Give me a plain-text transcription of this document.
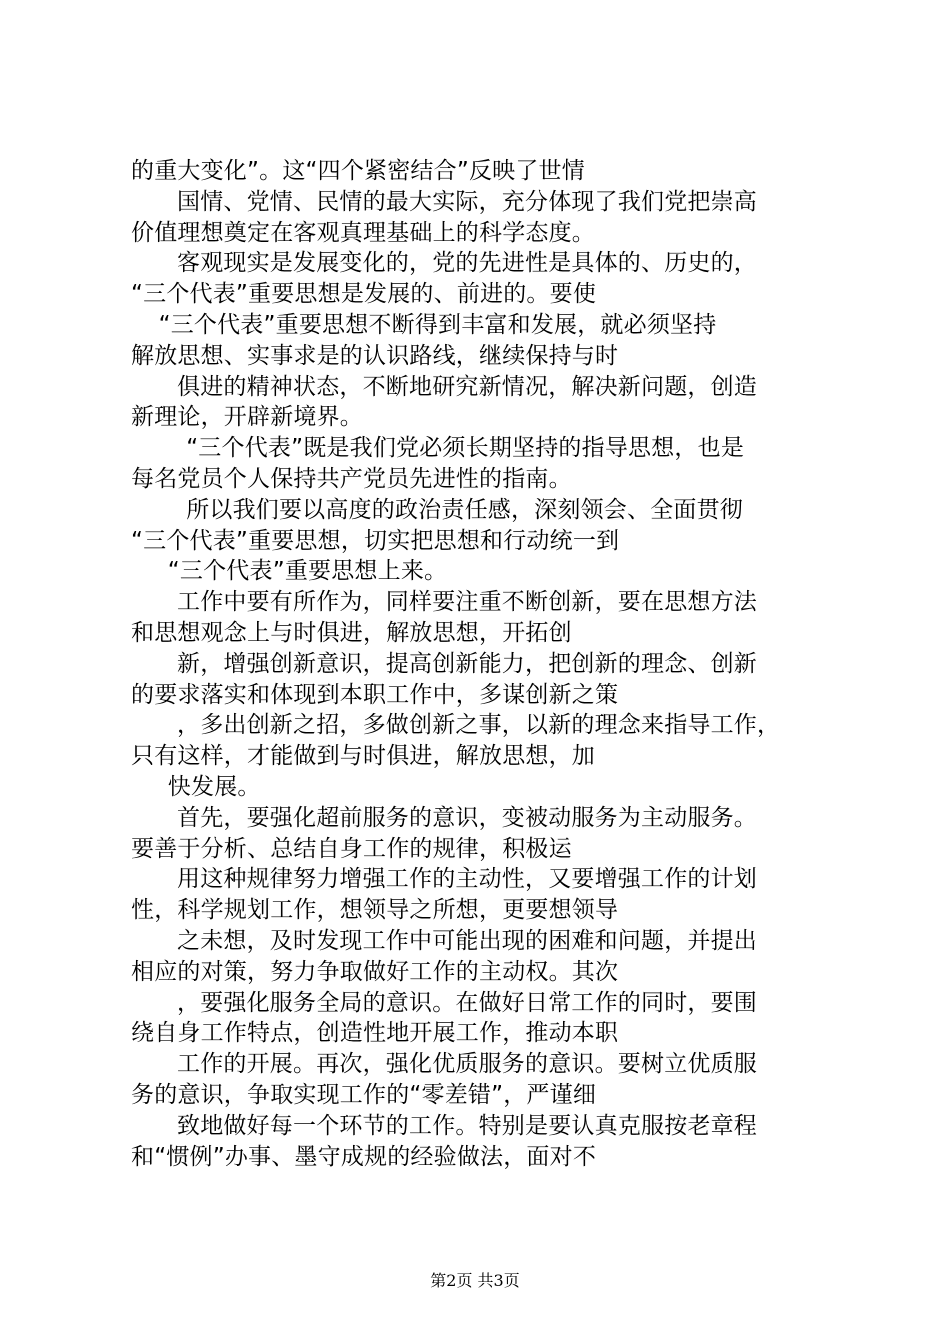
的重大变化”。这“四个紧密结合”反映了世情
国情、党情、民情的最大实际，充分体现了我们党把崇高
价值理想奠定在客观真理基础上的科学态度。
客观现实是发展变化的，党的先进性是具体的、历史的，
“三个代表”重要思想是发展的、前进的。要使
“三个代表”重要思想不断得到丰富和发展，就必须坚持
解放思想、实事求是的认识路线，继续保持与时
俱进的精神状态，不断地研究新情况，解决新问题，创造
新理论，开辟新境界。
“三个代表”既是我们党必须长期坚持的指导思想，也是
每名党员个人保持共产党员先进性的指南。
所以我们要以高度的政治责任感，深刻领会、全面贯彻
“三个代表”重要思想，切实把思想和行动统一到
“三个代表”重要思想上来。
工作中要有所作为，同样要注重不断创新，要在思想方法
和思想观念上与时俱进，解放思想，开拓创
新，增强创新意识，提高创新能力，把创新的理念、创新
的要求落实和体现到本职工作中，多谋创新之策
，多出创新之招，多做创新之事，以新的理念来指导工作，
只有这样，才能做到与时俱进，解放思想，加
快发展。
首先，要强化超前服务的意识，变被动服务为主动服务。
要善于分析、总结自身工作的规律，积极运
用这种规律努力增强工作的主动性，又要增强工作的计划
性，科学规划工作，想领导之所想，更要想领导
之未想，及时发现工作中可能出现的困难和问题，并提出
相应的对策，努力争取做好工作的主动权。其次
，要强化服务全局的意识。在做好日常工作的同时，要围
绕自身工作特点，创造性地开展工作，推动本职
工作的开展。再次，强化优质服务的意识。要树立优质服
务的意识，争取实现工作的“零差错”，严谨细
致地做好每一个环节的工作。特别是要认真克服按老章程
和“惯例”办事、墨守成规的经验做法，面对不
第2页 共3页
